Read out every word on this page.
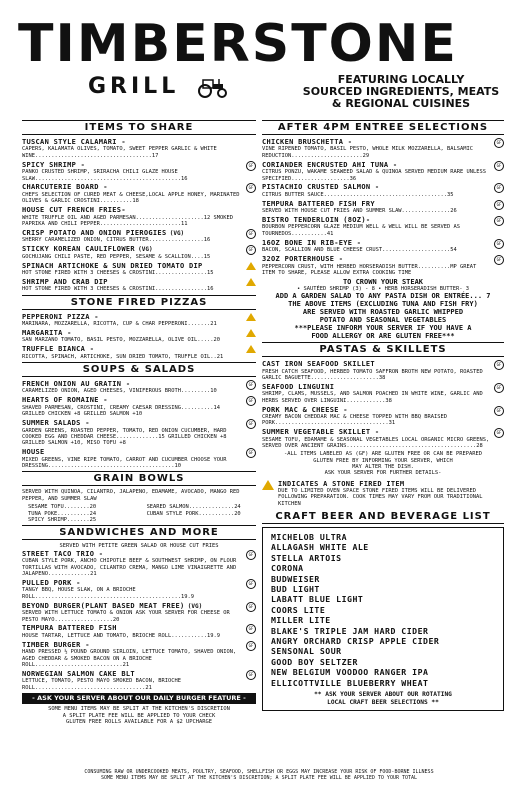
TIMBERSTONE
GRILL	FEATURING LOCALLY
SOURCED INGREDIENTS, MEATS
& REGIONAL CUISINES
ITEMS TO SHARE
TUSCAN STYLE CALAMARI -
CAPERS, KALAMATA OLIVES, TOMATO, SWEET PEPPER GARLIC & WHITE WINE....................................17
SPICY SHRIMP -
PANKO CRUSTED SHRIMP, SRIRACHA CHILI GLAZE HOUSE SLAW.............................................16
GF
CHARCUTERIE BOARD -
CHEFS SELECTION OF CURED MEAT & CHEESE,LOCAL APPLE HONEY, MARINATED OLIVES & GARLIC CROSTINI..........18
GF
HOUSE CUT FRENCH FRIES-
WHITE TRUFFLE OIL AND AGED PARMESAN.....................12 SMOKED PAPRIKA AND CHILI PEPPER.........................11
CRISP POTATO AND ONION PIEROGIES (VG)
SHERRY CARAMELIZED ONION, CITRUS BUTTER.................16
GF
STICKY KOREAN CAULIFLOWER (VG)
GOCHUJANG CHILI PASTE, RED PEPPER, SESAME & SCALLION....15
GF
SPINACH ARTICHOKE & SUN DRIED TOMATO DIP
HOT STONE FIRED WITH 3 CHEESES & CROSTINI................15
SHRIMP AND CRAB DIP
HOT STONE FIRED WITH 3 CHEESES & CROSTINI................16
STONE FIRED PIZZAS
PEPPERONI PIZZA -
MARINARA, MOZZARELLA, RICOTTA, CUP & CHAR PEPPERONI.......21
MARGARITA -
SAN MARZANO TOMATO, BASIL PESTO, MOZZARELLA, OLIVE OIL.....20
TRUFFLE BIANCA -
RICOTTA, SPINACH, ARTICHOKE, SUN DRIED TOMATO, TRUFFLE OIL..21
SOUPS & SALADS
FRENCH ONION AU GRATIN -
CARAMELIZED ONION, AGED CHEESES, VINIFEROUS BROTH.........10
GF
HEARTS OF ROMAINE -
SHAVED PARMESAN, CROSTINI, CREAMY CAESAR DRESSING..........14 GRILLED CHICKEN +8 GRILLED SALMON +10
GF
SUMMER SALADS -
GARDEN GREENS, ROASTED PEPPER, TOMATO, RED ONION CUCUMBER, HARD COOKED EGG AND CHEDDAR CHEESE.............15 GRILLED CHICKEN +8 GRILLED SALMON +10, MISO TOFU +8
GF
HOUSE
MIXED GREENS, VINE RIPE TOMATO, CARROT AND CUCUMBER CHOOSE YOUR DRESSING.......................................10
GF
GRAIN BOWLS
SERVED WITH QUINOA, CILANTRO, JALAPENO, EDAMAME, AVOCADO, MANGO RED PEPPER, AND SUMMER SLAW
SESAME TOFU........20	SEARED SALMON..............24
TUNA POKE..........24	CUBAN STYLE PORK...........20
SPICY SHRIMP.......25
SANDWICHES AND MORE
SERVED WITH PETITE GREEN SALAD OR HOUSE CUT FRIES
STREET TACO TRIO -
CUBAN STYLE PORK, ANCHO CHIPOTLE BEEF & SOUTHWEST SHRIMP, ON FLOUR TORTILLAS WITH AVOCADO, CILANTRO CREMA, MANGO LIME VINAIGRETTE AND JALAPENO.............21
GF
PULLED PORK -
TANGY BBQ, HOUSE SLAW, ON A BRIOCHE ROLL.............................................19.9
GF
BEYOND BURGER(PLANT BASED MEAT FREE) (VG)
SERVED WITH LETTUCE TOMATO & ONION ASK YOUR SERVER FOR CHEESE OR PESTO MAYO..................20
GF
TEMPURA BATTERED FISH
HOUSE TARTAR, LETTUCE AND TOMATO, BRIOCHE ROLL...........19.9
GF
TIMBER BURGER -
HAND PRESSED ½ POUND GROUND SIRLOIN, LETTUCE TOMATO, SHAVED ONION, AGED CHEDDAR & SMOKED BACON ON A BRIOCHE ROLL...........................21
GF
NORWEGIAN SALMON CAKE BLT
LETTUCE, TOMATO, PESTO MAYO SMOKED BACON, BRIOCHE ROLL..................................21
GF
- ASK YOUR SERVER ABOUT OUR DAILY BURGER FEATURE -
SOME MENU ITEMS MAY BE SPLIT AT THE KITCHEN'S DISCRETION
A SPLIT PLATE FEE WILL BE APPLIED TO YOUR CHECK
GLUTEN FREE ROLLS AVAILABLE FOR A $2 UPCHARGE
AFTER 4PM ENTREE SELECTIONS
CHICKEN BRUSCHETTA -
VINE RIPENED TOMATO, BASIL PESTO, WHOLE MILK MOZZARELLA, BALSAMIC REDUCTION......................29
GF
CORIANDER ENCRUSTED AHI TUNA -
CITRUS PONZU, WAKAME SEAWEED SALAD & QUINOA SERVED MEDIUM RARE UNLESS SPECIFIED..................36
GF
PISTACHIO CRUSTED SALMON -
CITRUS BUTTER SAUCE......................................35
GF
TEMPURA BATTERED FISH FRY
SERVED WITH HOUSE CUT FRIES AND SUMMER SLAW...............26
GF
BISTRO TENDERLOIN (8OZ)-
BOURBON PEPPERCORN GLAZE MEDIUM WELL & WELL WILL BE SERVED AS TOURNEDOS...........41
GF
16OZ BONE IN RIB-EYE -
BACON, SCALLION AND BLUE CHEESE CRUST.....................54
GF
32OZ PORTERHOUSE -
PEPPERCORN CRUST, WITH HERBED HORSERADISH BUTTER..........MP GREAT ITEM TO SHARE, PLEASE ALLOW EXTRA COOKING TIME
GF
TO CROWN YOUR STEAK
• SAUTÉED SHRIMP (3) - 8 • HERB HORSERADISH BUTTER- 3
ADD A GARDEN SALAD TO ANY PASTA DISH OR ENTRÉE... 7
THE ABOVE ITEMS (EXCLUDING TUNA AND FISH FRY)
ARE SERVED WITH ROASTED GARLIC WHIPPED
POTATO AND SEASONAL VEGETABLES
***PLEASE INFORM YOUR SERVER IF YOU HAVE A
FOOD ALLERGY OR ARE GLUTEN FREE***
PASTAS & SKILLETS
CAST IRON SEAFOOD SKILLET
FRESH CATCH SEAFOOD, HERBED TOMATO SAFFRON BROTH NEW POTATO, ROASTED GARLIC BAGUETTE.....................38
GF
SEAFOOD LINGUINI
SHRIMP, CLAMS, MUSSELS, AND SALMON POACHED IN WHITE WINE, GARLIC AND HERBS SERVED OVER LINGUINI............38
GF
PORK MAC & CHEESE -
CREAMY BACON CHEDDAR MAC & CHEESE TOPPED WITH BBQ BRAISED PORK...................................31
GF
SUMMER VEGETABLE SKILLET -
SESAME TOFU, EDAMAME & SEASONAL VEGETABLES LOCAL ORGANIC MICRO GREENS, SERVED OVER ANCIENT GRAINS........................................28
GF
-ALL ITEMS LABELED AS (GF) ARE GLUTEN FREE OR CAN BE PREPARED
GLUTEN FREE BY INFORMING YOUR SERVER, WHICH
MAY ALTER THE DISH.
ASK YOUR SERVER FOR FURTHER DETAILS-
INDICATES A STONE FIRED ITEM
DUE TO LIMITED OVEN SPACE STONE FIRED ITEMS WILL BE DELIVERED FOLLOWING PREPARATION. COOK TIMES MAY VARY FROM OUR TRADITIONAL KITCHEN
CRAFT BEER AND BEVERAGE LIST
MICHELOB ULTRA
ALLAGASH WHITE ALE
STELLA ARTOIS
CORONA
BUDWEISER
BUD LIGHT
LABATT BLUE LIGHT
COORS LITE
MILLER LITE
BLAKE'S TRIPLE JAM HARD CIDER
ANGRY ORCHARD CRISP APPLE CIDER
SENSONAL SOUR
GOOD BOY SELTZER
NEW BELGIUM VOODOO RANGER IPA
ELLICOTTVILLE BLUEBERRY WHEAT
** ASK YOUR SERVER ABOUT OUR ROTATING
LOCAL CRAFT BEER SELECTIONS **
CONSUMING RAW OR UNDERCOOKED MEATS, POULTRY, SEAFOOD, SHELLFISH OR EGGS MAY INCREASE YOUR RISK OF FOOD-BORNE ILLNESS
SOME MENU ITEMS MAY BE SPLIT AT THE KITCHEN'S DISCRETION; A SPLIT PLATE FEE WILL BE APPLIED TO YOUR TOTAL
